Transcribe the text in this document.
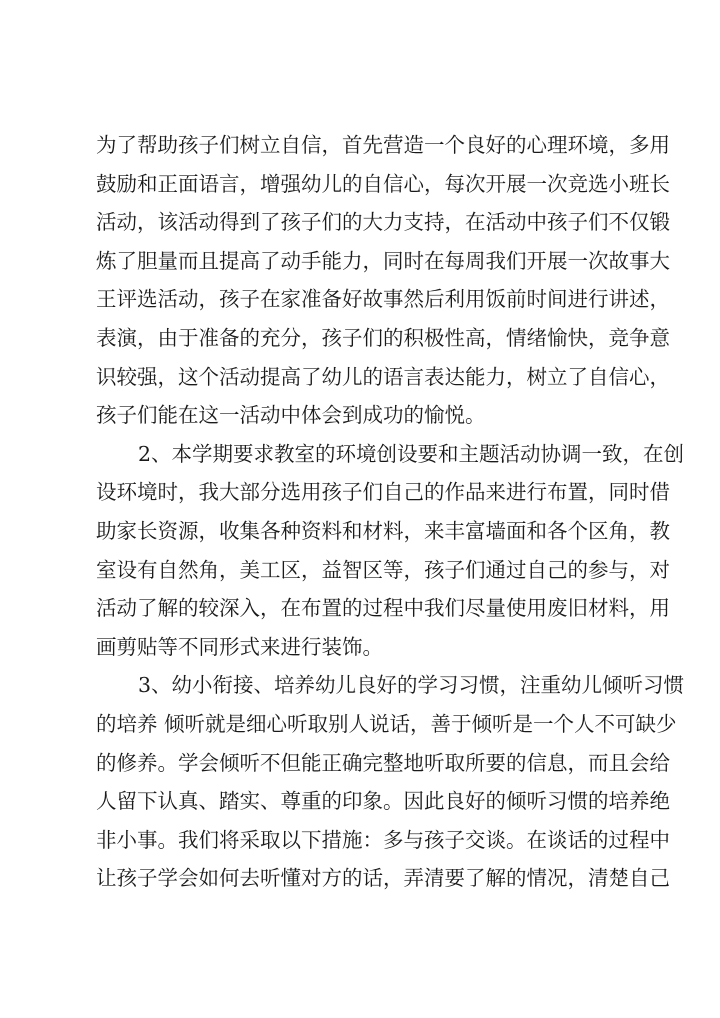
为了帮助孩子们树立自信，首先营造一个良好的心理环境，多用
鼓励和正面语言，增强幼儿的自信心，每次开展一次竞选小班长
活动，该活动得到了孩子们的大力支持，在活动中孩子们不仅锻
炼了胆量而且提高了动手能力，同时在每周我们开展一次故事大
王评选活动，孩子在家准备好故事然后利用饭前时间进行讲述，
表演，由于准备的充分，孩子们的积极性高，情绪愉快，竞争意
识较强，这个活动提高了幼儿的语言表达能力，树立了自信心，
孩子们能在这一活动中体会到成功的愉悦。
2、本学期要求教室的环境创设要和主题活动协调一致，在创
设环境时，我大部分选用孩子们自己的作品来进行布置，同时借
助家长资源，收集各种资料和材料，来丰富墙面和各个区角，教
室设有自然角，美工区，益智区等，孩子们通过自己的参与，对
活动了解的较深入，在布置的过程中我们尽量使用废旧材料，用
画剪贴等不同形式来进行装饰。
3、幼小衔接、培养幼儿良好的学习习惯，注重幼儿倾听习惯
的培养 倾听就是细心听取别人说话，善于倾听是一个人不可缺少
的修养。学会倾听不但能正确完整地听取所要的信息，而且会给
人留下认真、踏实、尊重的印象。因此良好的倾听习惯的培养绝
非小事。我们将采取以下措施：多与孩子交谈。在谈话的过程中
让孩子学会如何去听懂对方的话，弄清要了解的情况，清楚自己
